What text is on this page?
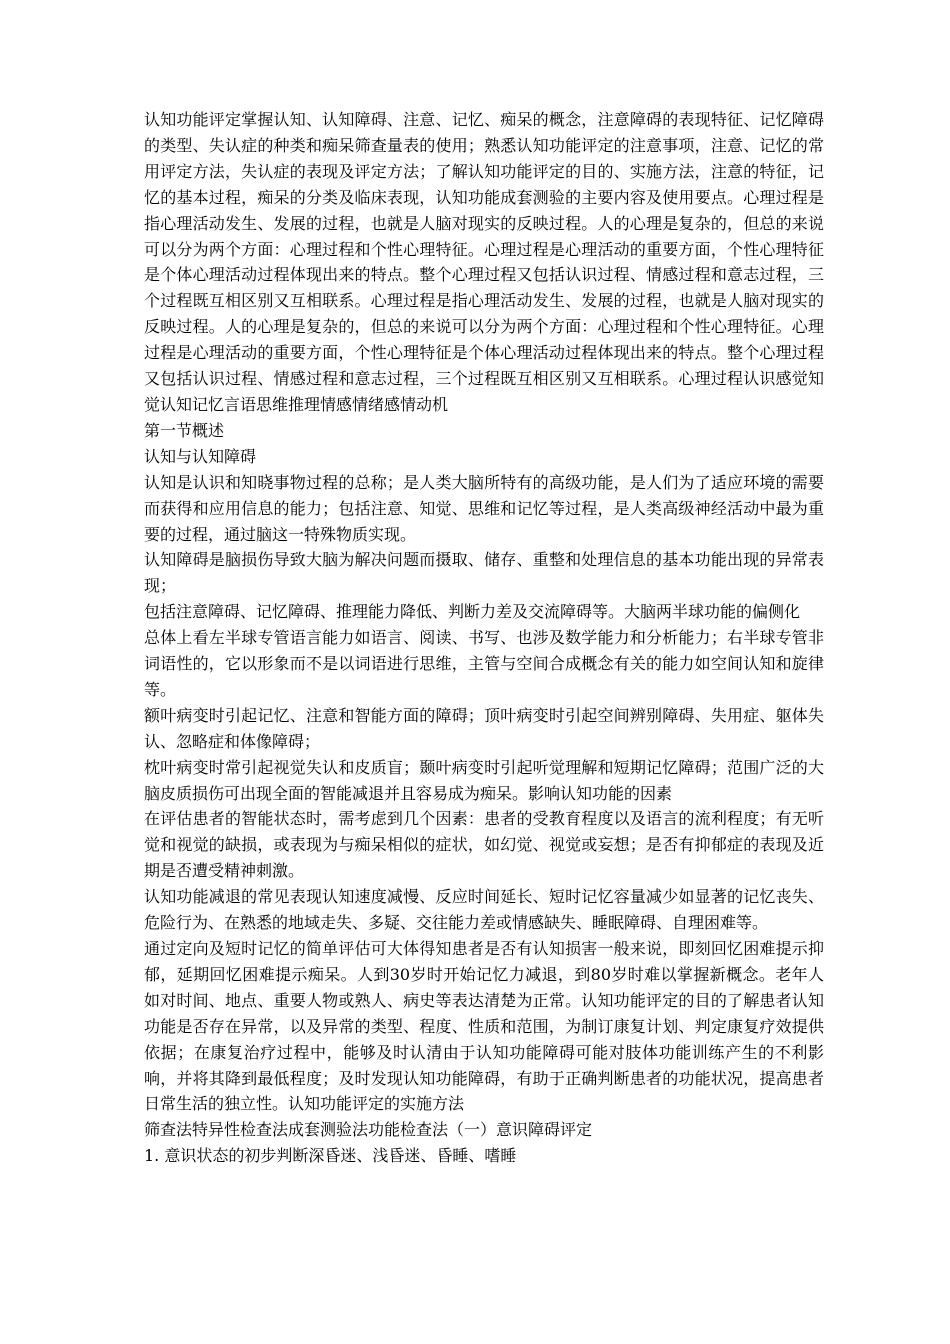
认知功能评定掌握认知、认知障碍、注意、记忆、痴呆的概念，注意障碍的表现特征、记忆障碍的类型、失认症的种类和痴呆筛查量表的使用；熟悉认知功能评定的注意事项，注意、记忆的常用评定方法，失认症的表现及评定方法；了解认知功能评定的目的、实施方法，注意的特征，记忆的基本过程，痴呆的分类及临床表现，认知功能成套测验的主要内容及使用要点。心理过程是指心理活动发生、发展的过程，也就是人脑对现实的反映过程。人的心理是复杂的，但总的来说可以分为两个方面：心理过程和个性心理特征。心理过程是心理活动的重要方面，个性心理特征是个体心理活动过程体现出来的特点。整个心理过程又包括认识过程、情感过程和意志过程，三个过程既互相区别又互相联系。心理过程是指心理活动发生、发展的过程，也就是人脑对现实的反映过程。人的心理是复杂的，但总的来说可以分为两个方面：心理过程和个性心理特征。心理过程是心理活动的重要方面，个性心理特征是个体心理活动过程体现出来的特点。整个心理过程又包括认识过程、情感过程和意志过程，三个过程既互相区别又互相联系。心理过程认识感觉知觉认知记忆言语思维推理情感情绪感情动机

第一节概述

认知与认知障碍

认知是认识和知晓事物过程的总称；是人类大脑所特有的高级功能，是人们为了适应环境的需要而获得和应用信息的能力；包括注意、知觉、思维和记忆等过程，是人类高级神经活动中最为重要的过程，通过脑这一特殊物质实现。

认知障碍是脑损伤导致大脑为解决问题而摄取、储存、重整和处理信息的基本功能出现的异常表现；

包括注意障碍、记忆障碍、推理能力降低、判断力差及交流障碍等。大脑两半球功能的偏侧化

总体上看左半球专管语言能力如语言、阅读、书写、也涉及数学能力和分析能力；右半球专管非词语性的，它以形象而不是以词语进行思维，主管与空间合成概念有关的能力如空间认知和旋律等。

额叶病变时引起记忆、注意和智能方面的障碍；顶叶病变时引起空间辨别障碍、失用症、躯体失认、忽略症和体像障碍；

枕叶病变时常引起视觉失认和皮质盲；颞叶病变时引起听觉理解和短期记忆障碍；范围广泛的大脑皮质损伤可出现全面的智能减退并且容易成为痴呆。影响认知功能的因素

在评估患者的智能状态时，需考虑到几个因素：患者的受教育程度以及语言的流利程度；有无听觉和视觉的缺损，或表现为与痴呆相似的症状，如幻觉、视觉或妄想；是否有抑郁症的表现及近期是否遭受精神刺激。

认知功能减退的常见表现认知速度减慢、反应时间延长、短时记忆容量减少如显著的记忆丧失、危险行为、在熟悉的地域走失、多疑、交往能力差或情感缺失、睡眠障碍、自理困难等。

通过定向及短时记忆的简单评估可大体得知患者是否有认知损害一般来说，即刻回忆困难提示抑郁，延期回忆困难提示痴呆。人到30岁时开始记忆力减退，到80岁时难以掌握新概念。老年人如对时间、地点、重要人物或熟人、病史等表达清楚为正常。认知功能评定的目的了解患者认知功能是否存在异常，以及异常的类型、程度、性质和范围，为制订康复计划、判定康复疗效提供依据；在康复治疗过程中，能够及时认清由于认知功能障碍可能对肢体功能训练产生的不利影响，并将其降到最低程度；及时发现认知功能障碍，有助于正确判断患者的功能状况，提高患者日常生活的独立性。认知功能评定的实施方法

筛查法特异性检查法成套测验法功能检查法（一）意识障碍评定

1. 意识状态的初步判断深昏迷、浅昏迷、昏睡、嗜睡
